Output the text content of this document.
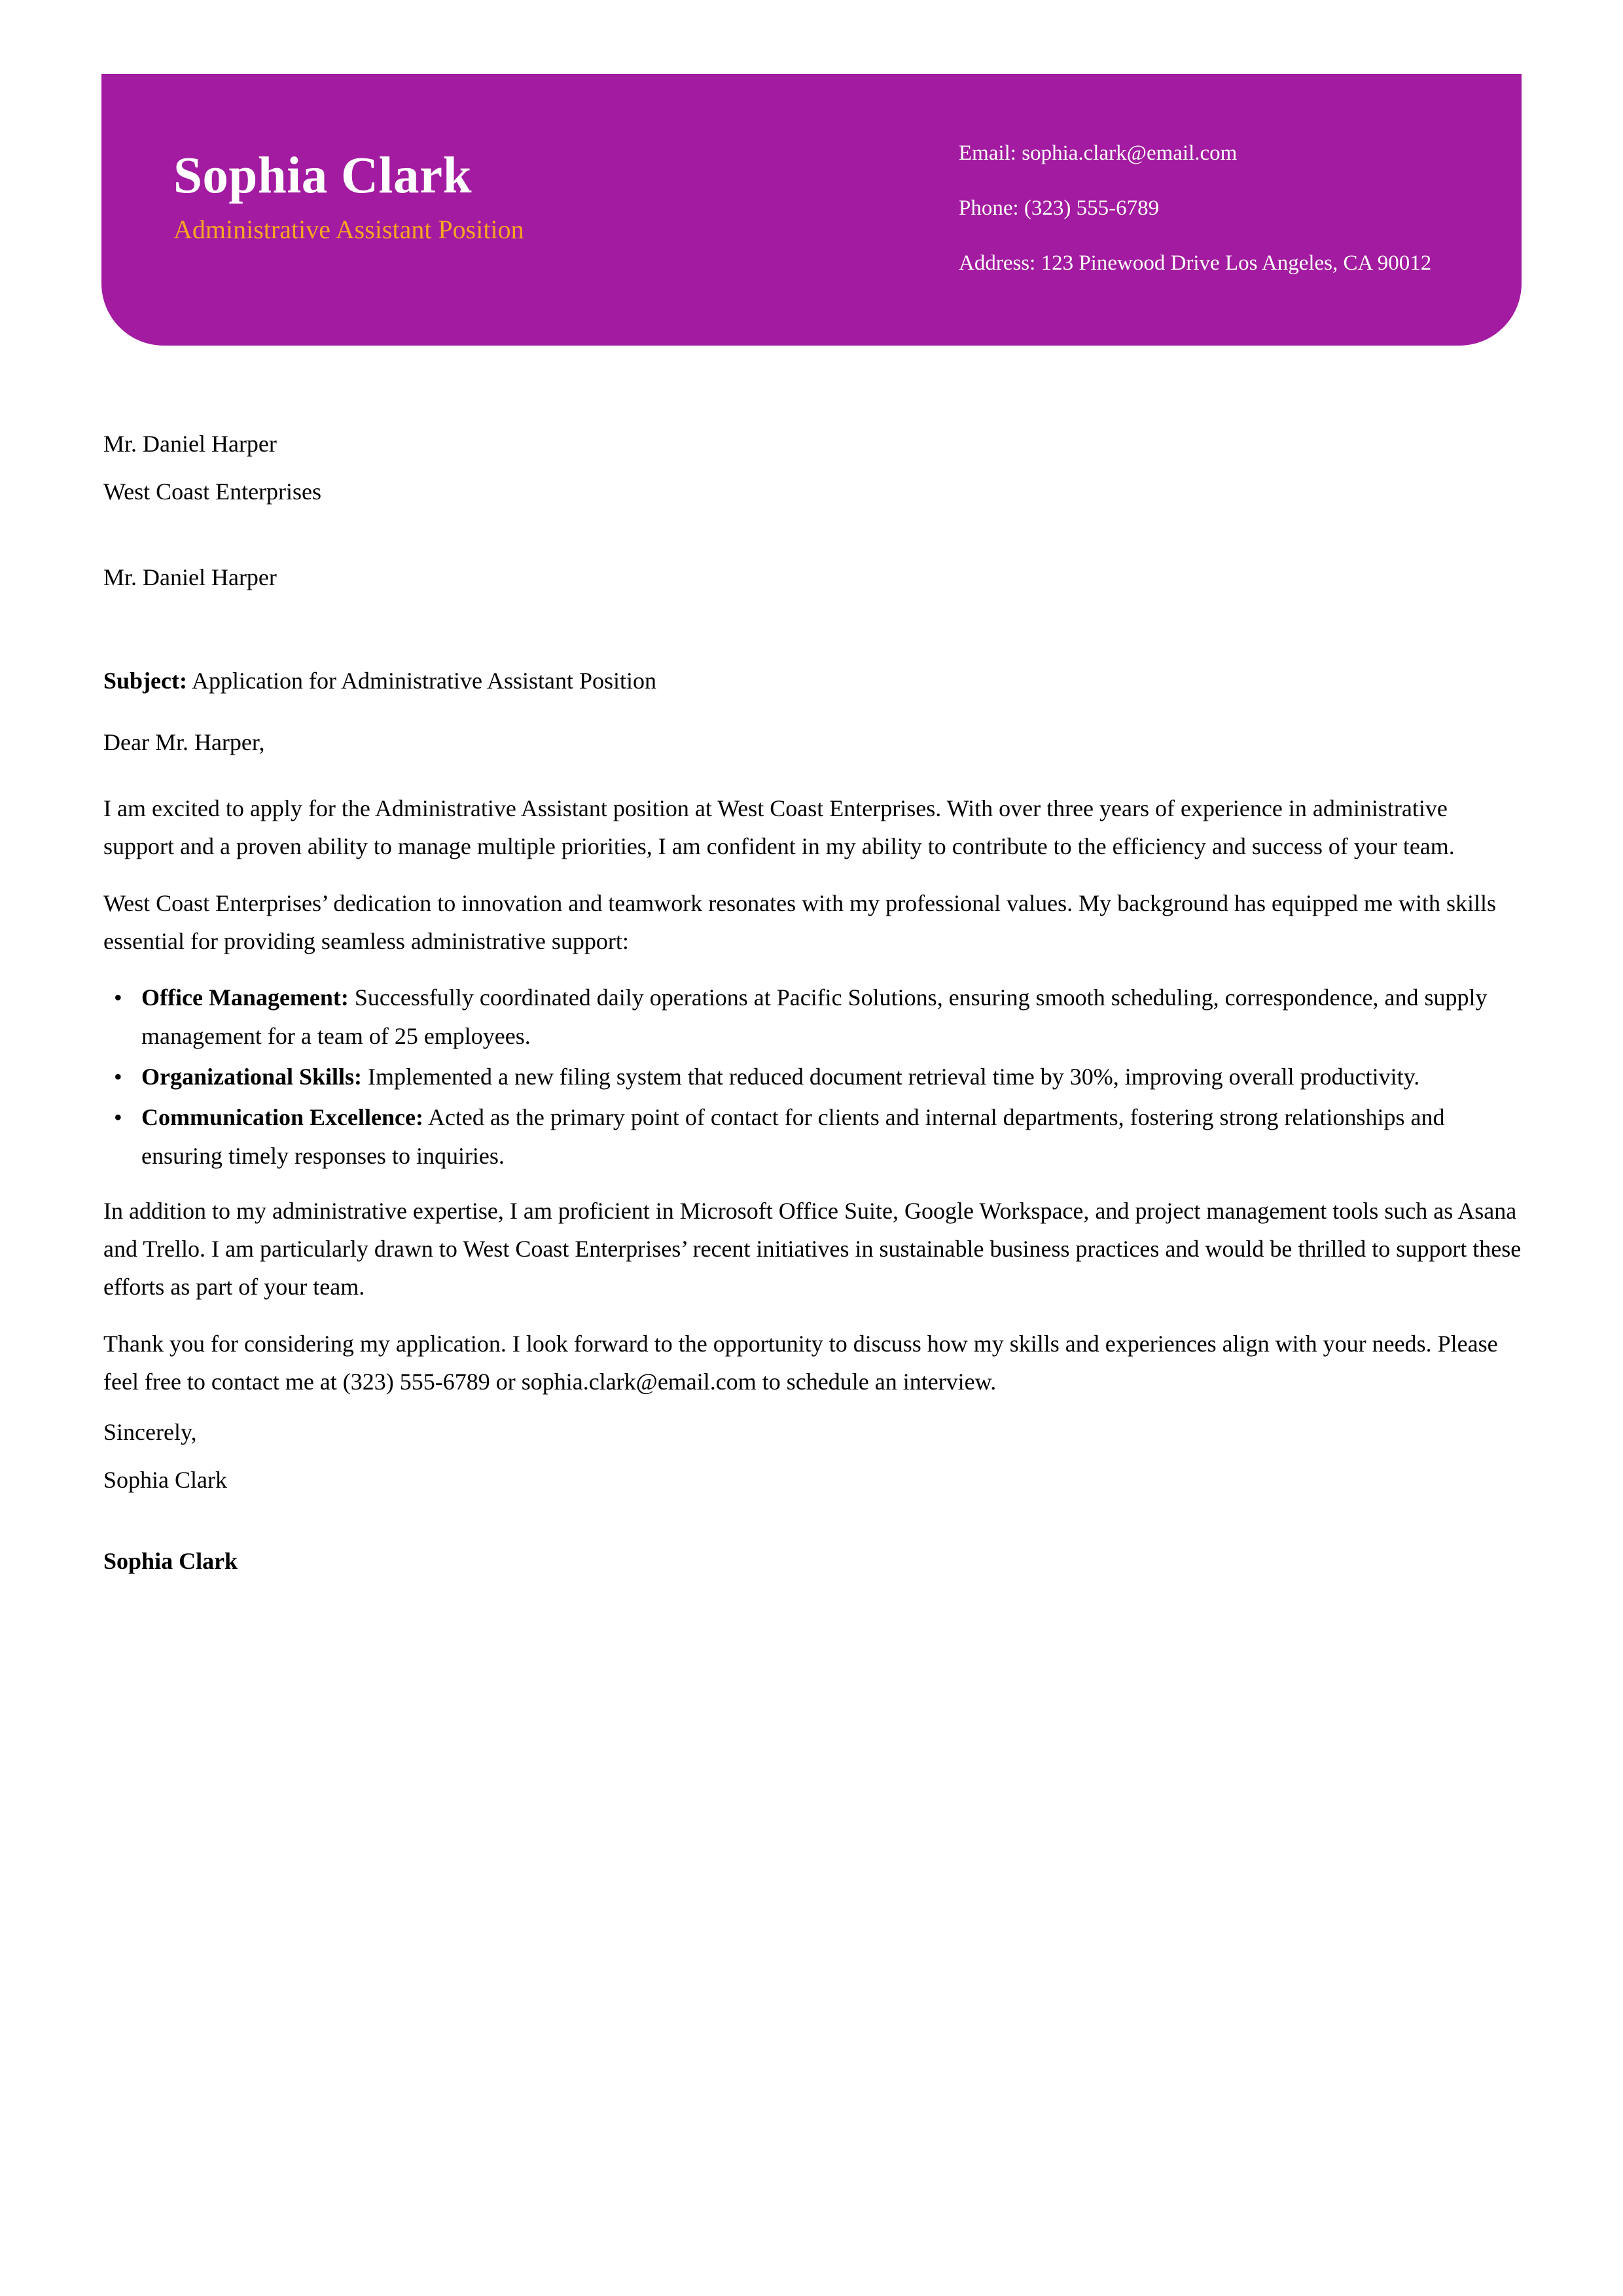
Sophia Clark
Administrative Assistant Position
Email: sophia.clark@email.com
Phone: (323) 555-6789
Address: 123 Pinewood Drive Los Angeles, CA 90012
Mr. Daniel Harper
West Coast Enterprises
Mr. Daniel Harper
Subject: Application for Administrative Assistant Position
Dear Mr. Harper,

I am excited to apply for the Administrative Assistant position at West Coast Enterprises. With over three years of experience in administrative support and a proven ability to manage multiple priorities, I am confident in my ability to contribute to the efficiency and success of your team.

West Coast Enterprises’ dedication to innovation and teamwork resonates with my professional values. My background has equipped me with skills essential for providing seamless administrative support:

• Office Management: Successfully coordinated daily operations at Pacific Solutions, ensuring smooth scheduling, correspondence, and supply management for a team of 25 employees.
• Organizational Skills: Implemented a new filing system that reduced document retrieval time by 30%, improving overall productivity.
• Communication Excellence: Acted as the primary point of contact for clients and internal departments, fostering strong relationships and ensuring timely responses to inquiries.

In addition to my administrative expertise, I am proficient in Microsoft Office Suite, Google Workspace, and project management tools such as Asana and Trello. I am particularly drawn to West Coast Enterprises’ recent initiatives in sustainable business practices and would be thrilled to support these efforts as part of your team.

Thank you for considering my application. I look forward to the opportunity to discuss how my skills and experiences align with your needs. Please feel free to contact me at (323) 555-6789 or sophia.clark@email.com to schedule an interview.

Sincerely,
Sophia Clark
Sophia Clark
